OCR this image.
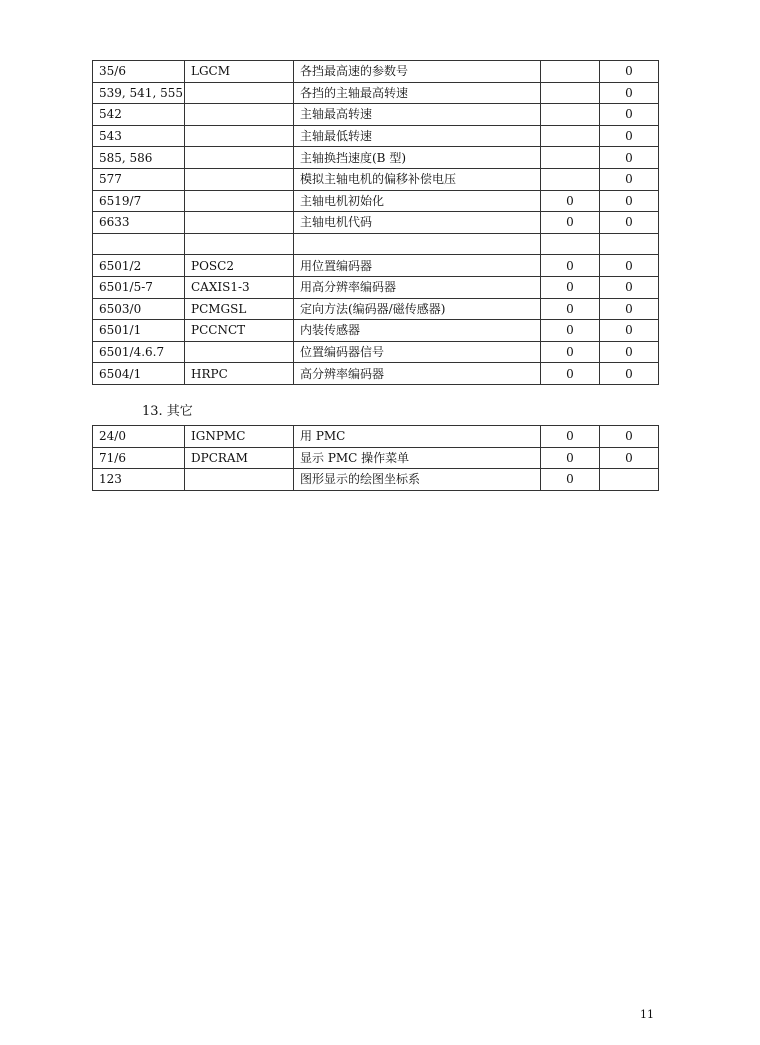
35/6	LGCM	各挡最高速的参数号		0
539, 541, 555		各挡的主轴最高转速		0
542		主轴最高转速		0
543		主轴最低转速		0
585, 586		主轴换挡速度(B 型)		0
577		模拟主轴电机的偏移补偿电压		0
6519/7		主轴电机初始化	0	0
6633		主轴电机代码	0	0

6501/2	POSC2	用位置编码器	0	0
6501/5-7	CAXIS1-3	用高分辨率编码器	0	0
6503/0	PCMGSL	定向方法(编码器/磁传感器)	0	0
6501/1	PCCNCT	内装传感器	0	0
6501/4.6.7		位置编码器信号	0	0
6504/1	HRPC	高分辨率编码器	0	0
13. 其它
24/0	IGNPMC	用 PMC	0	0
71/6	DPCRAM	显示 PMC 操作菜单	0	0
123		图形显示的绘图坐标系	0	
11
